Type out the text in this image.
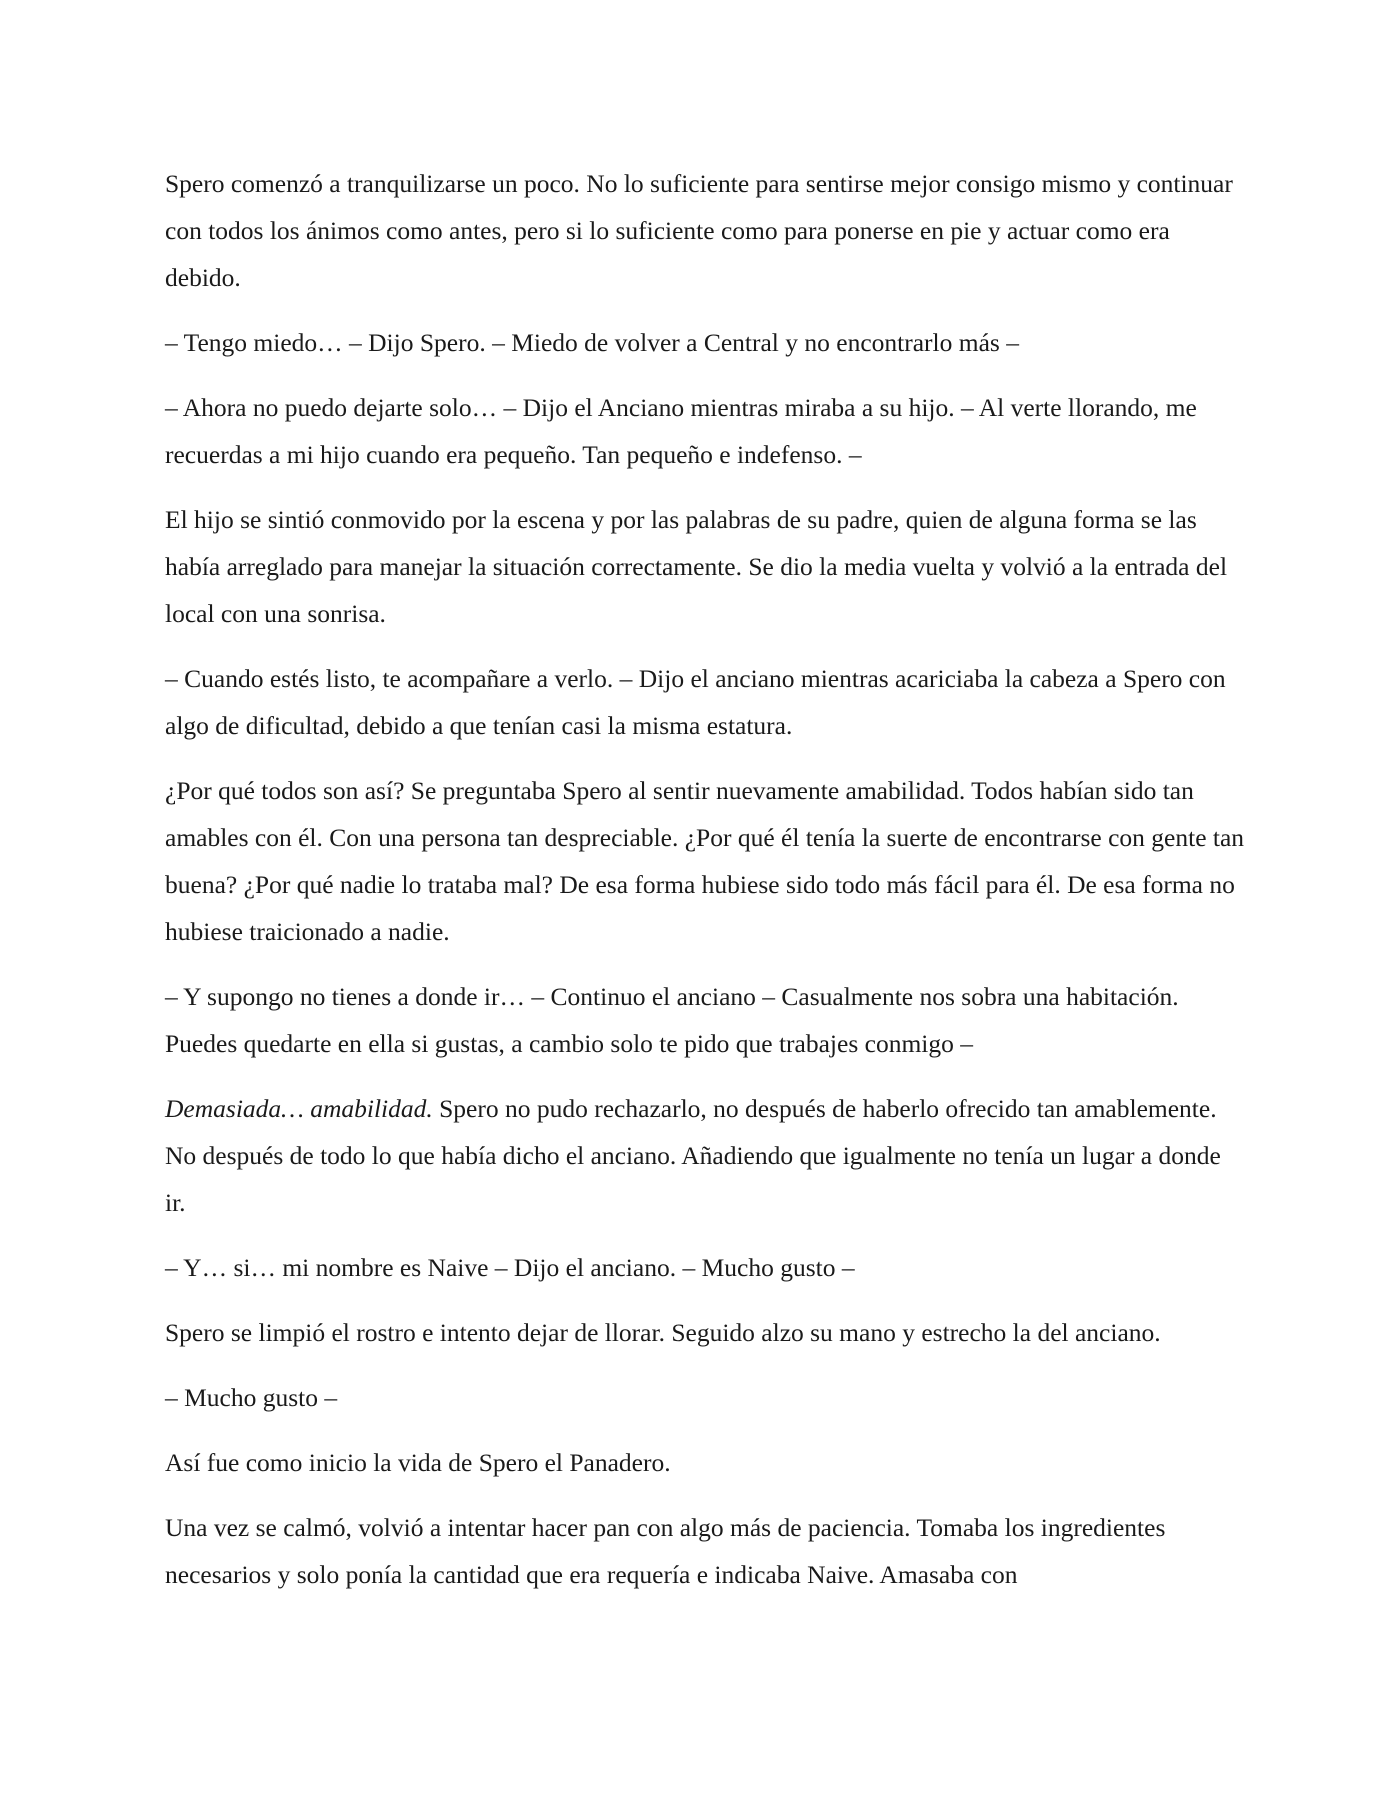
Spero comenzó a tranquilizarse un poco. No lo suficiente para sentirse mejor consigo mismo y continuar con todos los ánimos como antes, pero si lo suficiente como para ponerse en pie y actuar como era debido.

– Tengo miedo… – Dijo Spero. – Miedo de volver a Central y no encontrarlo más –

– Ahora no puedo dejarte solo… – Dijo el Anciano mientras miraba a su hijo. – Al verte llorando, me recuerdas a mi hijo cuando era pequeño. Tan pequeño e indefenso. –

El hijo se sintió conmovido por la escena y por las palabras de su padre, quien de alguna forma se las había arreglado para manejar la situación correctamente. Se dio la media vuelta y volvió a la entrada del local con una sonrisa.

– Cuando estés listo, te acompañare a verlo. – Dijo el anciano mientras acariciaba la cabeza a Spero con algo de dificultad, debido a que tenían casi la misma estatura.

¿Por qué todos son así? Se preguntaba Spero al sentir nuevamente amabilidad. Todos habían sido tan amables con él. Con una persona tan despreciable. ¿Por qué él tenía la suerte de encontrarse con gente tan buena? ¿Por qué nadie lo trataba mal? De esa forma hubiese sido todo más fácil para él. De esa forma no hubiese traicionado a nadie.

– Y supongo no tienes a donde ir… – Continuo el anciano – Casualmente nos sobra una habitación. Puedes quedarte en ella si gustas, a cambio solo te pido que trabajes conmigo –

Demasiada… amabilidad. Spero no pudo rechazarlo, no después de haberlo ofrecido tan amablemente. No después de todo lo que había dicho el anciano. Añadiendo que igualmente no tenía un lugar a donde ir.

– Y… si… mi nombre es Naive – Dijo el anciano. – Mucho gusto –

Spero se limpió el rostro e intento dejar de llorar. Seguido alzo su mano y estrecho la del anciano.

– Mucho gusto –

Así fue como inicio la vida de Spero el Panadero.

Una vez se calmó, volvió a intentar hacer pan con algo más de paciencia. Tomaba los ingredientes necesarios y solo ponía la cantidad que era requería e indicaba Naive. Amasaba con
